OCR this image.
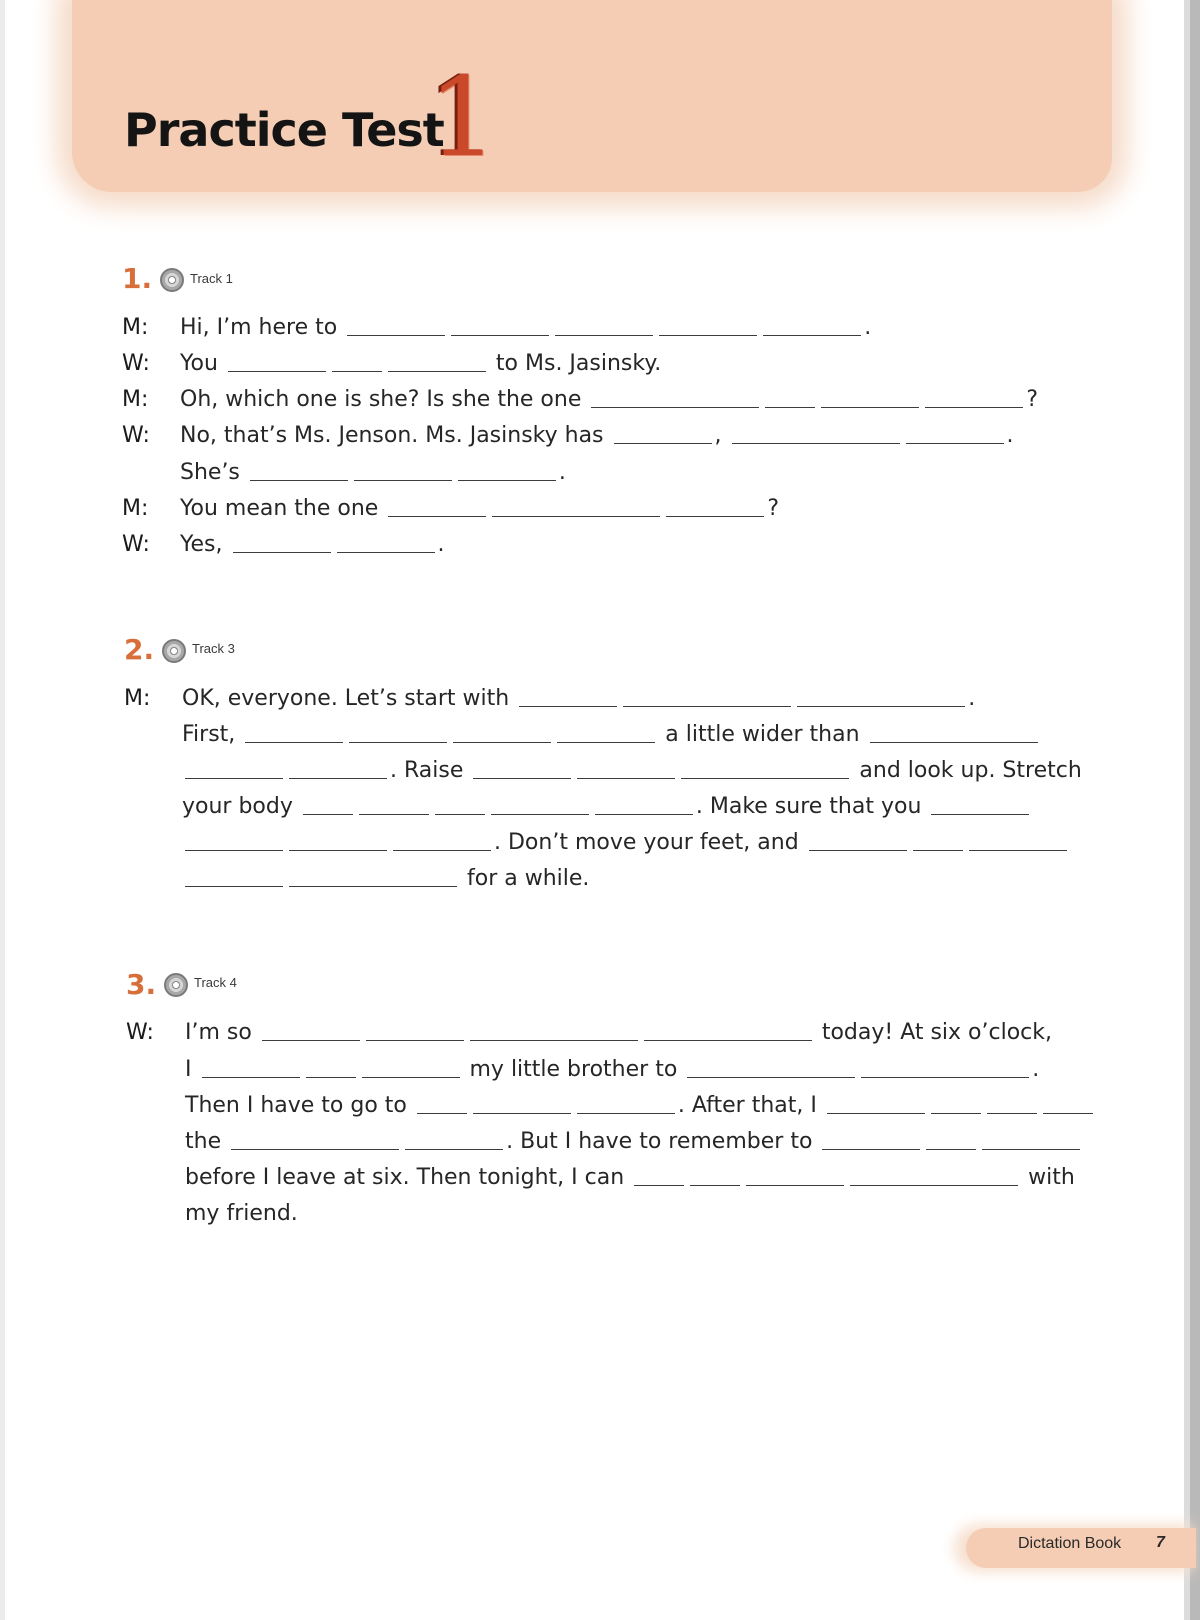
Practice Test
1
1.	Track 1
M: Hi, I’m here to	.
W: You	to Ms. Jasinsky.
M: Oh, which one is she? Is she the one	?
W: No, that’s Ms. Jenson. Ms. Jasinsky has	,	.
She’s	.
M: You mean the one	?
W: Yes,	.
2.	Track 3
M: OK, everyone. Let’s start with	.
First,	a little wider than
. Raise	and look up. Stretch
your body	. Make sure that you
. Don’t move your feet, and
for a while.
3.	Track 4
W: I’m so	today! At six o’clock,
I	my little brother to	.
Then I have to go to	. After that, I
the	. But I have to remember to
before I leave at six. Then tonight, I can	with
my friend.
Dictation Book 7
